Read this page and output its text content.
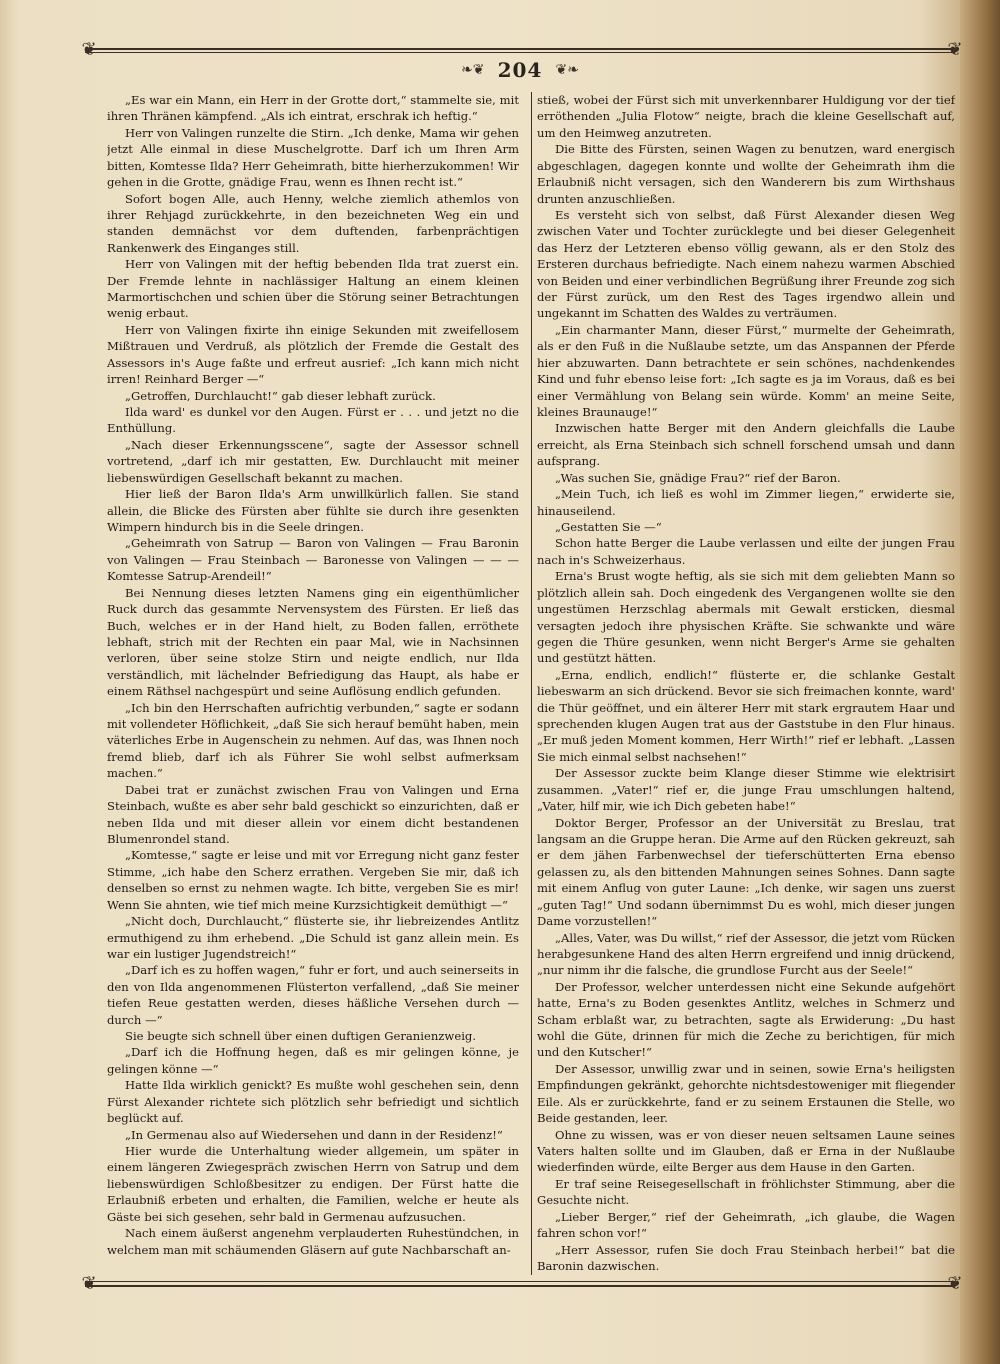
❦	❦
❦	❦
❧❦ 204 ❦❧

„Es war ein Mann, ein Herr in der Grotte dort,“ stammelte sie, mit ihren Thränen kämpfend. „Als ich eintrat, erschrak ich heftig.“

Herr von Valingen runzelte die Stirn. „Ich denke, Mama wir gehen jetzt Alle einmal in diese Muschelgrotte. Darf ich um Ihren Arm bitten, Komtesse Ilda? Herr Geheimrath, bitte hierherzukommen! Wir gehen in die Grotte, gnädige Frau, wenn es Ihnen recht ist.“

Sofort bogen Alle, auch Henny, welche ziemlich athemlos von ihrer Rehjagd zurückkehrte, in den bezeichneten Weg ein und standen demnächst vor dem duftenden, farbenprächtigen Rankenwerk des Einganges still.

Herr von Valingen mit der heftig bebenden Ilda trat zuerst ein. Der Fremde lehnte in nachlässiger Haltung an einem kleinen Marmortischchen und schien über die Störung seiner Betrachtungen wenig erbaut.

Herr von Valingen fixirte ihn einige Sekunden mit zweifellosem Mißtrauen und Verdruß, als plötzlich der Fremde die Gestalt des Assessors in's Auge faßte und erfreut ausrief: „Ich kann mich nicht irren! Reinhard Berger —“

„Getroffen, Durchlaucht!“ gab dieser lebhaft zurück.

Ilda ward' es dunkel vor den Augen. Fürst er . . . und jetzt no die Enthüllung.

„Nach dieser Erkennungsscene“, sagte der Assessor schnell vortretend, „darf ich mir gestatten, Ew. Durchlaucht mit meiner liebenswürdigen Gesellschaft bekannt zu machen.

Hier ließ der Baron Ilda's Arm unwillkürlich fallen. Sie stand allein, die Blicke des Fürsten aber fühlte sie durch ihre gesenkten Wimpern hindurch bis in die Seele dringen.

„Geheimrath von Satrup — Baron von Valingen — Frau Baronin von Valingen — Frau Steinbach — Baronesse von Valingen — — — Komtesse Satrup-Arendeil!“

Bei Nennung dieses letzten Namens ging ein eigenthümlicher Ruck durch das gesammte Nervensystem des Fürsten. Er ließ das Buch, welches er in der Hand hielt, zu Boden fallen, erröthete lebhaft, strich mit der Rechten ein paar Mal, wie in Nachsinnen verloren, über seine stolze Stirn und neigte endlich, nur Ilda verständlich, mit lächelnder Befriedigung das Haupt, als habe er einem Räthsel nachgespürt und seine Auflösung endlich gefunden.

„Ich bin den Herrschaften aufrichtig verbunden,“ sagte er sodann mit vollendeter Höflichkeit, „daß Sie sich herauf bemüht haben, mein väterliches Erbe in Augenschein zu nehmen. Auf das, was Ihnen noch fremd blieb, darf ich als Führer Sie wohl selbst aufmerksam machen.“

Dabei trat er zunächst zwischen Frau von Valingen und Erna Steinbach, wußte es aber sehr bald geschickt so einzurichten, daß er neben Ilda und mit dieser allein vor einem dicht bestandenen Blumenrondel stand.

„Komtesse,“ sagte er leise und mit vor Erregung nicht ganz fester Stimme, „ich habe den Scherz errathen. Vergeben Sie mir, daß ich denselben so ernst zu nehmen wagte. Ich bitte, vergeben Sie es mir! Wenn Sie ahnten, wie tief mich meine Kurzsichtigkeit demüthigt —“

„Nicht doch, Durchlaucht,“ flüsterte sie, ihr liebreizendes Antlitz ermuthigend zu ihm erhebend. „Die Schuld ist ganz allein mein. Es war ein lustiger Jugendstreich!“

„Darf ich es zu hoffen wagen,“ fuhr er fort, und auch seinerseits in den von Ilda angenommenen Flüsterton verfallend, „daß Sie meiner tiefen Reue gestatten werden, dieses häßliche Versehen durch — durch —“

Sie beugte sich schnell über einen duftigen Geranienzweig.

„Darf ich die Hoffnung hegen, daß es mir gelingen könne, je gelingen könne —“

Hatte Ilda wirklich genickt? Es mußte wohl geschehen sein, denn Fürst Alexander richtete sich plötzlich sehr befriedigt und sichtlich beglückt auf.

„In Germenau also auf Wiedersehen und dann in der Residenz!“

Hier wurde die Unterhaltung wieder allgemein, um später in einem längeren Zwiegespräch zwischen Herrn von Satrup und dem liebenswürdigen Schloßbesitzer zu endigen. Der Fürst hatte die Erlaubniß erbeten und erhalten, die Familien, welche er heute als Gäste bei sich gesehen, sehr bald in Germenau aufzusuchen.

Nach einem äußerst angenehm verplauderten Ruhestündchen, in welchem man mit schäumenden Gläsern auf gute Nachbarschaft an-

stieß, wobei der Fürst sich mit unverkennbarer Huldigung vor der tief erröthenden „Julia Flotow“ neigte, brach die kleine Gesellschaft auf, um den Heimweg anzutreten.

Die Bitte des Fürsten, seinen Wagen zu benutzen, ward energisch abgeschlagen, dagegen konnte und wollte der Geheimrath ihm die Erlaubniß nicht versagen, sich den Wanderern bis zum Wirthshaus drunten anzuschließen.

Es versteht sich von selbst, daß Fürst Alexander diesen Weg zwischen Vater und Tochter zurücklegte und bei dieser Gelegenheit das Herz der Letzteren ebenso völlig gewann, als er den Stolz des Ersteren durchaus befriedigte. Nach einem nahezu warmen Abschied von Beiden und einer verbindlichen Begrüßung ihrer Freunde zog sich der Fürst zurück, um den Rest des Tages irgendwo allein und ungekannt im Schatten des Waldes zu verträumen.

„Ein charmanter Mann, dieser Fürst,“ murmelte der Geheimrath, als er den Fuß in die Nußlaube setzte, um das Anspannen der Pferde hier abzuwarten. Dann betrachtete er sein schönes, nachdenkendes Kind und fuhr ebenso leise fort: „Ich sagte es ja im Voraus, daß es bei einer Vermählung von Belang sein würde. Komm' an meine Seite, kleines Braunauge!“

Inzwischen hatte Berger mit den Andern gleichfalls die Laube erreicht, als Erna Steinbach sich schnell forschend umsah und dann aufsprang.

„Was suchen Sie, gnädige Frau?“ rief der Baron.

„Mein Tuch, ich ließ es wohl im Zimmer liegen,“ erwiderte sie, hinauseilend.

„Gestatten Sie —“

Schon hatte Berger die Laube verlassen und eilte der jungen Frau nach in's Schweizerhaus.

Erna's Brust wogte heftig, als sie sich mit dem geliebten Mann so plötzlich allein sah. Doch eingedenk des Vergangenen wollte sie den ungestümen Herzschlag abermals mit Gewalt ersticken, diesmal versagten jedoch ihre physischen Kräfte. Sie schwankte und wäre gegen die Thüre gesunken, wenn nicht Berger's Arme sie gehalten und gestützt hätten.

„Erna, endlich, endlich!“ flüsterte er, die schlanke Gestalt liebeswarm an sich drückend. Bevor sie sich freimachen konnte, ward' die Thür geöffnet, und ein älterer Herr mit stark ergrautem Haar und sprechenden klugen Augen trat aus der Gaststube in den Flur hinaus. „Er muß jeden Moment kommen, Herr Wirth!“ rief er lebhaft. „Lassen Sie mich einmal selbst nachsehen!“

Der Assessor zuckte beim Klange dieser Stimme wie elektrisirt zusammen. „Vater!“ rief er, die junge Frau umschlungen haltend, „Vater, hilf mir, wie ich Dich gebeten habe!“

Doktor Berger, Professor an der Universität zu Breslau, trat langsam an die Gruppe heran. Die Arme auf den Rücken gekreuzt, sah er dem jähen Farbenwechsel der tieferschütterten Erna ebenso gelassen zu, als den bittenden Mahnungen seines Sohnes. Dann sagte mit einem Anflug von guter Laune: „Ich denke, wir sagen uns zuerst „guten Tag!“ Und sodann übernimmst Du es wohl, mich dieser jungen Dame vorzustellen!“

„Alles, Vater, was Du willst,“ rief der Assessor, die jetzt vom Rücken herabgesunkene Hand des alten Herrn ergreifend und innig drückend, „nur nimm ihr die falsche, die grundlose Furcht aus der Seele!“

Der Professor, welcher unterdessen nicht eine Sekunde aufgehört hatte, Erna's zu Boden gesenktes Antlitz, welches in Schmerz und Scham erblaßt war, zu betrachten, sagte als Erwiderung: „Du hast wohl die Güte, drinnen für mich die Zeche zu berichtigen, für mich und den Kutscher!“

Der Assessor, unwillig zwar und in seinen, sowie Erna's heiligsten Empfindungen gekränkt, gehorchte nichtsdestoweniger mit fliegender Eile. Als er zurückkehrte, fand er zu seinem Erstaunen die Stelle, wo Beide gestanden, leer.

Ohne zu wissen, was er von dieser neuen seltsamen Laune seines Vaters halten sollte und im Glauben, daß er Erna in der Nußlaube wiederfinden würde, eilte Berger aus dem Hause in den Garten.

Er traf seine Reisegesellschaft in fröhlichster Stimmung, aber die Gesuchte nicht.

„Lieber Berger,“ rief der Geheimrath, „ich glaube, die Wagen fahren schon vor!“

„Herr Assessor, rufen Sie doch Frau Steinbach herbei!“ bat die Baronin dazwischen.
